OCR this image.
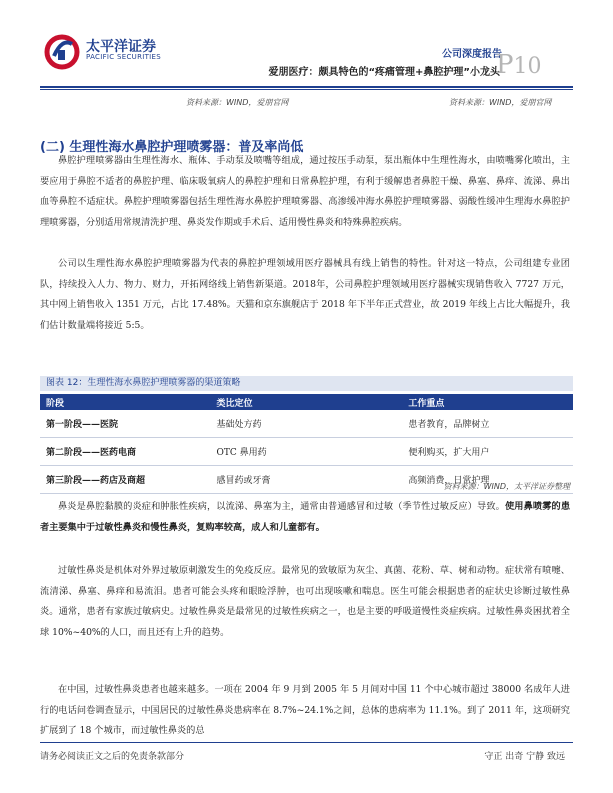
太平洋证券
PACIFIC SECURITIES	公司深度报告
爱朋医疗：颇具特色的“疼痛管理+鼻腔护理”小龙头
P10
资料来源：WIND，爱朋官网	资料来源：WIND，爱朋官网
(二) 生理性海水鼻腔护理喷雾器：普及率尚低

鼻腔护理喷雾器由生理性海水、瓶体、手动泵及喷嘴等组成，通过按压手动泵，泵出瓶体中生理性海水，由喷嘴雾化喷出，主要应用于鼻腔不适者的鼻腔护理、临床吸氧病人的鼻腔护理和日常鼻腔护理，有利于缓解患者鼻腔干燥、鼻塞、鼻痒、流涕、鼻出血等鼻腔不适症状。鼻腔护理喷雾器包括生理性海水鼻腔护理喷雾器、高渗缓冲海水鼻腔护理喷雾器、弱酸性缓冲生理海水鼻腔护理喷雾器，分别适用常规清洗护理、鼻炎发作期或手术后、适用慢性鼻炎和特殊鼻腔疾病。

公司以生理性海水鼻腔护理喷雾器为代表的鼻腔护理领域用医疗器械具有线上销售的特性。针对这一特点，公司组建专业团队，持续投入人力、物力、财力，开拓网络线上销售新渠道。2018年，公司鼻腔护理领域用医疗器械实现销售收入 7727 万元，其中网上销售收入 1351 万元，占比 17.48%。天猫和京东旗舰店于 2018 年下半年正式营业，故 2019 年线上占比大幅提升，我们估计数量端将接近 5:5。

图表 12：生理性海水鼻腔护理喷雾器的渠道策略
阶段	类比定位	工作重点
第一阶段——医院	基础处方药	患者教育，品牌树立
第二阶段——医药电商	OTC 鼻用药	便利购买，扩大用户
第三阶段——药店及商超	感冒药或牙膏	高频消费，日常护理
资料来源：WIND，太平洋证券整理

鼻炎是鼻腔黏膜的炎症和肿胀性疾病，以流涕、鼻塞为主，通常由普通感冒和过敏（季节性过敏反应）导致。使用鼻喷雾的患者主要集中于过敏性鼻炎和慢性鼻炎，复购率较高，成人和儿童都有。

过敏性鼻炎是机体对外界过敏原刺激发生的免疫反应。最常见的致敏原为灰尘、真菌、花粉、草、树和动物。症状常有喷嚏、流清涕、鼻塞、鼻痒和易流泪。患者可能会头疼和眼睑浮肿，也可出现咳嗽和喘息。医生可能会根据患者的症状史诊断过敏性鼻炎。通常，患者有家族过敏病史。过敏性鼻炎是最常见的过敏性疾病之一，也是主要的呼吸道慢性炎症疾病。过敏性鼻炎困扰着全球 10%~40%的人口，而且还有上升的趋势。

在中国，过敏性鼻炎患者也越来越多。一项在 2004 年 9 月到 2005 年 5 月间对中国 11 个中心城市超过 38000 名成年人进行的电话问卷调查显示，中国居民的过敏性鼻炎患病率在 8.7%~24.1%之间，总体的患病率为 11.1%。到了 2011 年，这项研究扩展到了 18 个城市，而过敏性鼻炎的总

请务必阅读正文之后的免责条款部分	守正 出奇 宁静 致远
